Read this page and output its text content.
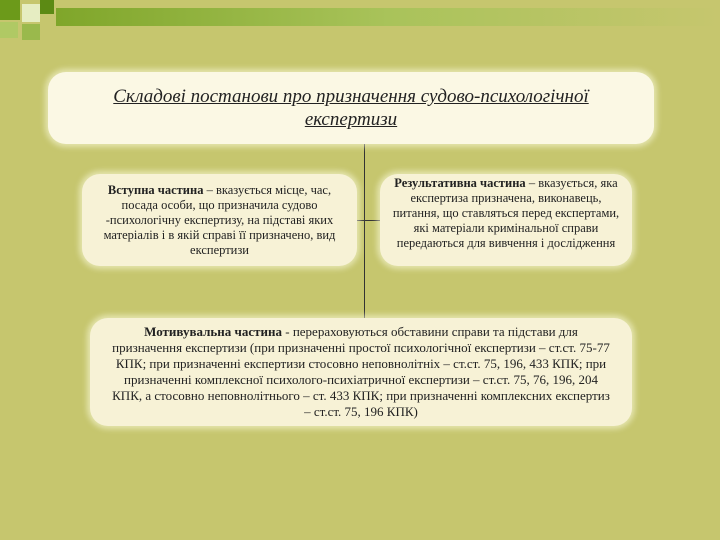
Складові постанови про призначення судово-психологічної експертизи

Вступна частина – вказується місце, час, посада особи, що призначила судово -психологічну експертизу, на підставі яких матеріалів і в якій справі її призначено, вид експертизи

Результативна частина – вказується, яка експертиза призначена, виконавець, питання, що ставляться перед експертами, які матеріали кримінальної справи передаються для вивчення і дослідження

Мотивувальна частина - перераховуються обставини справи та підстави для призначення експертизи (при призначенні простої психологічної експертизи – ст.ст. 75-77 КПК; при призначенні експертизи стосовно неповнолітніх – ст.ст. 75, 196, 433 КПК; при призначенні комплексної психолого-психіатричної експертизи – ст.ст. 75, 76, 196, 204 КПК, а стосовно неповнолітнього – ст. 433 КПК; при призначенні комплексних експертиз – ст.ст. 75, 196 КПК)
